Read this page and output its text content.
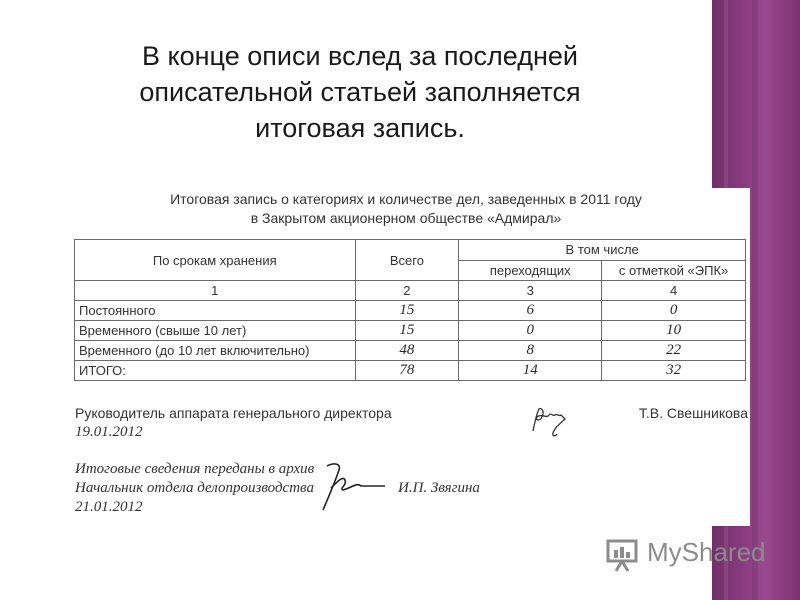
В конце описи вслед за последней
описательной статьей заполняется
итоговая запись.
Итоговая запись о категориях и количестве дел, заведенных в 2011 году
в Закрытом акционерном обществе «Адмирал»
По срокам хранения	Всего	В том числе	
		переходящих	с отметкой «ЭПК»
1	2	3	4
Постоянного	15	6	0
Временного (свыше 10 лет)	15	0	10
Временного (до 10 лет включительно)	48	8	22
ИТОГО:	78	14	32
Руководитель аппарата генерального директора
19.01.2012
Т.В. Свешникова
Итоговые сведения переданы в архив
Начальник отдела делопроизводства	И.П. Звягина
21.01.2012
MyShared
